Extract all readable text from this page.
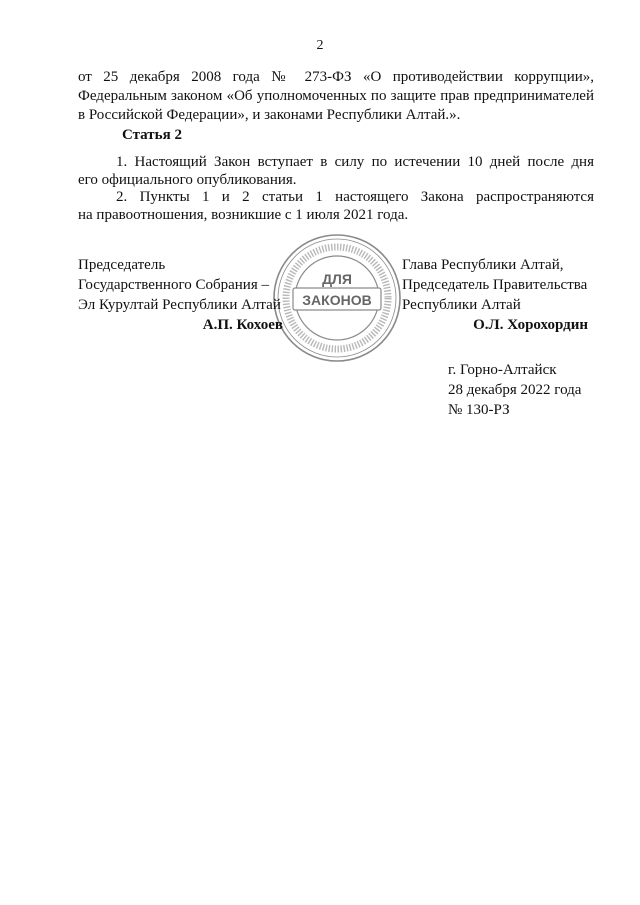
2
от 25 декабря 2008 года № 273-ФЗ «О противодействии коррупции»,
Федеральным законом «Об уполномоченных по защите прав предпринимателей
в Российской Федерации», и законами Республики Алтай.».
Статья 2
1. Настоящий Закон вступает в силу по истечении 10 дней после дня
его официального опубликования.
2. Пункты 1 и 2 статьи 1 настоящего Закона распространяются
на правоотношения, возникшие с 1 июля 2021 года.
ДЛЯ
ЗАКОНОВ
Председатель
Государственного Собрания –
Эл Курултай Республики Алтай
А.П. Кохоев
Глава Республики Алтай,
Председатель Правительства
Республики Алтай
О.Л. Хорохордин
г. Горно-Алтайск
28 декабря 2022 года
№ 130-РЗ
